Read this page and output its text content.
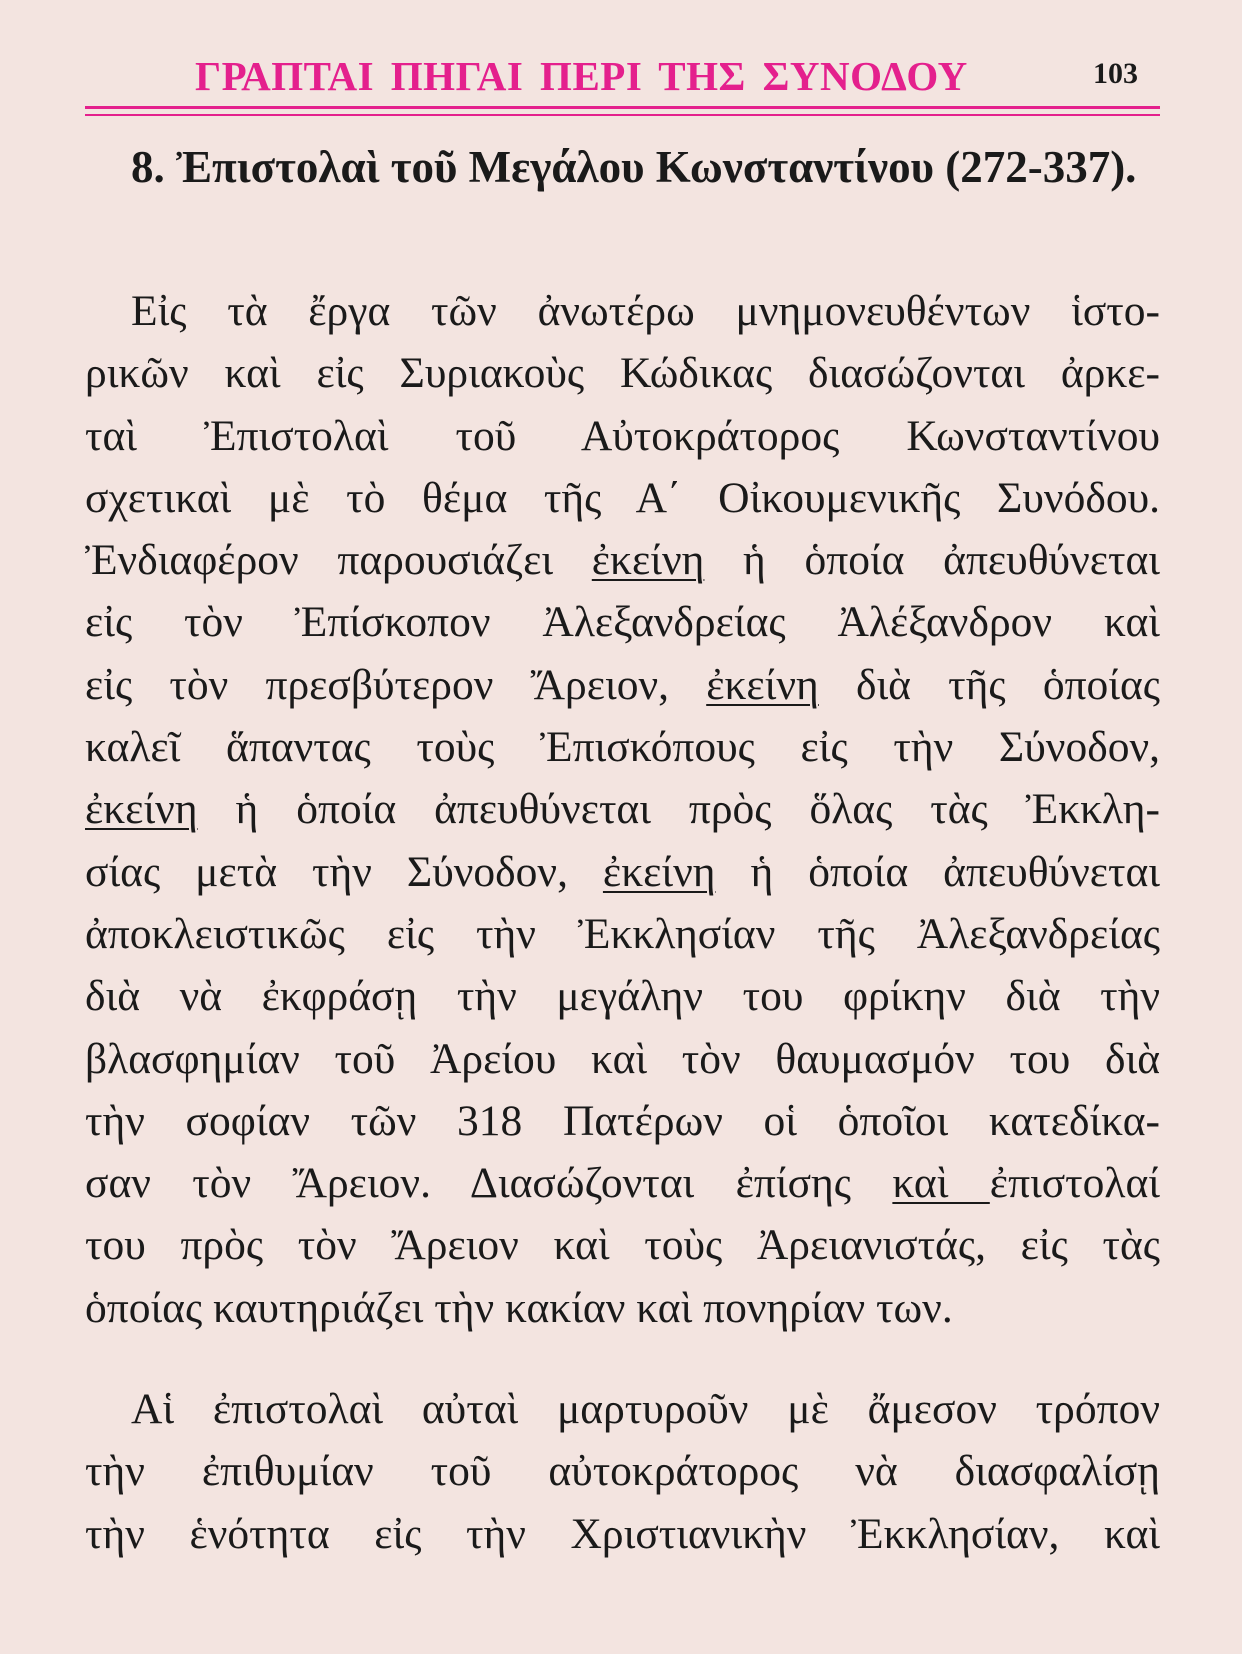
ΓΡΑΠΤΑΙ ΠΗΓΑΙ ΠΕΡΙ ΤΗΣ ΣΥΝΟΔΟΥ	103
8. Ἐπιστολαὶ τοῦ Μεγάλου Κωνσταντίνου (272-337).

Εἰς τὰ ἔργα τῶν ἀνωτέρω μνημονευθέντων ἱστο-
ρικῶν καὶ εἰς Συριακοὺς Κώδικας διασώζονται ἀρκε-
ταὶ Ἐπιστολαὶ τοῦ Αὐτοκράτορος Κωνσταντίνου
σχετικαὶ μὲ τὸ θέμα τῆς Α΄ Οἰκουμενικῆς Συνόδου.
Ἐνδιαφέρον παρουσιάζει ἐκείνη ἡ ὁποία ἀπευθύνεται
εἰς τὸν Ἐπίσκοπον Ἀλεξανδρείας Ἀλέξανδρον καὶ
εἰς τὸν πρεσβύτερον Ἄρειον, ἐκείνη διὰ τῆς ὁποίας
καλεῖ ἅπαντας τοὺς Ἐπισκόπους εἰς τὴν Σύνοδον,
ἐκείνη ἡ ὁποία ἀπευθύνεται πρὸς ὅλας τὰς Ἐκκλη-
σίας μετὰ τὴν Σύνοδον, ἐκείνη ἡ ὁποία ἀπευθύνεται
ἀποκλειστικῶς εἰς τὴν Ἐκκλησίαν τῆς Ἀλεξανδρείας
διὰ νὰ ἐκφράσῃ τὴν μεγάλην του φρίκην διὰ τὴν
βλασφημίαν τοῦ Ἀρείου καὶ τὸν θαυμασμόν του διὰ
τὴν σοφίαν τῶν 318 Πατέρων οἱ ὁποῖοι κατεδίκα-
σαν τὸν Ἄρειον. Διασώζονται ἐπίσης καὶ ἐπιστολαί
του πρὸς τὸν Ἄρειον καὶ τοὺς Ἀρειανιστάς, εἰς τὰς
ὁποίας καυτηριάζει τὴν κακίαν καὶ πονηρίαν των.

Αἱ ἐπιστολαὶ αὐταὶ μαρτυροῦν μὲ ἄμεσον τρόπον
τὴν ἐπιθυμίαν τοῦ αὐτοκράτορος νὰ διασφαλίσῃ
τὴν ἑνότητα εἰς τὴν Χριστιανικὴν Ἐκκλησίαν, καὶ
